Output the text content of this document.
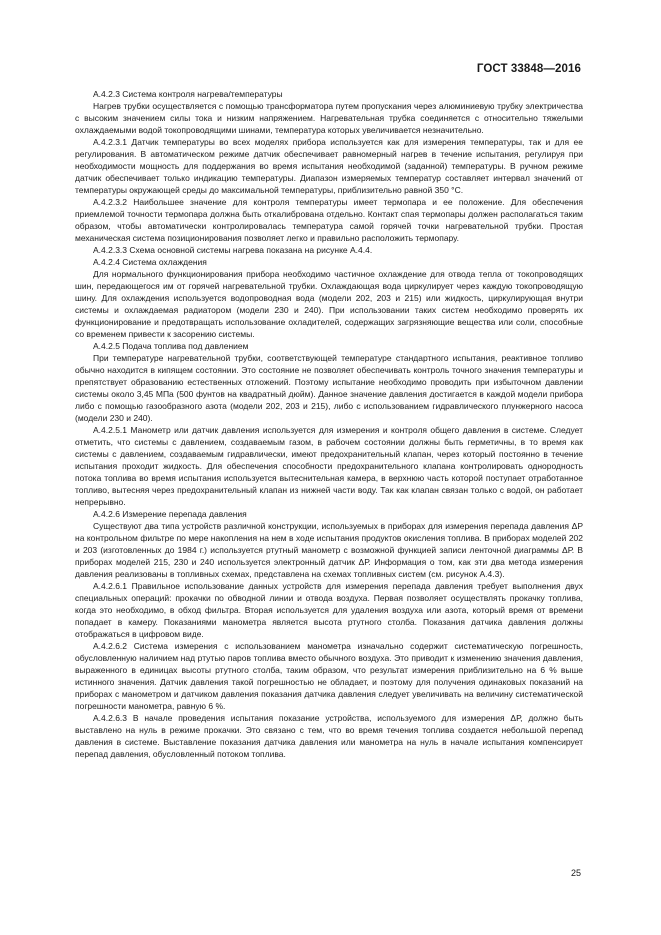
ГОСТ 33848—2016

А.4.2.3 Система контроля нагрева/температуры

Нагрев трубки осуществляется с помощью трансформатора путем пропускания через алюминиевую трубку электричества с высоким значением силы тока и низким напряжением. Нагревательная трубка соединяется с относительно тяжелыми охлаждаемыми водой токопроводящими шинами, температура которых увеличивается незначительно.

А.4.2.3.1 Датчик температуры во всех моделях прибора используется как для измерения температуры, так и для ее регулирования. В автоматическом режиме датчик обеспечивает равномерный нагрев в течение испытания, регулируя при необходимости мощность для поддержания во время испытания необходимой (заданной) температуры. В ручном режиме датчик обеспечивает только индикацию температуры. Диапазон измеряемых температур составляет интервал значений от температуры окружающей среды до максимальной температуры, приблизительно равной 350 °С.

А.4.2.3.2 Наибольшее значение для контроля температуры имеет термопара и ее положение. Для обеспечения приемлемой точности термопара должна быть откалибрована отдельно. Контакт спая термопары должен располагаться таким образом, чтобы автоматически контролировалась температура самой горячей точки нагревательной трубки. Простая механическая система позиционирования позволяет легко и правильно расположить термопару.

А.4.2.3.3 Схема основной системы нагрева показана на рисунке А.4.4.

А.4.2.4 Система охлаждения

Для нормального функционирования прибора необходимо частичное охлаждение для отвода тепла от токопроводящих шин, передающегося им от горячей нагревательной трубки. Охлаждающая вода циркулирует через каждую токопроводящую шину. Для охлаждения используется водопроводная вода (модели 202, 203 и 215) или жидкость, циркулирующая внутри системы и охлаждаемая радиатором (модели 230 и 240). При использовании таких систем необходимо проверять их функционирование и предотвращать использование охладителей, содержащих загрязняющие вещества или соли, способные со временем привести к засорению системы.

А.4.2.5 Подача топлива под давлением

При температуре нагревательной трубки, соответствующей температуре стандартного испытания, реактивное топливо обычно находится в кипящем состоянии. Это состояние не позволяет обеспечивать контроль точного значения температуры и препятствует образованию естественных отложений. Поэтому испытание необходимо проводить при избыточном давлении системы около 3,45 МПа (500 фунтов на квадратный дюйм). Данное значение давления достигается в каждой модели прибора либо с помощью газообразного азота (модели 202, 203 и 215), либо с использованием гидравлического плунжерного насоса (модели 230 и 240).

А.4.2.5.1 Манометр или датчик давления используется для измерения и контроля общего давления в системе. Следует отметить, что системы с давлением, создаваемым газом, в рабочем состоянии должны быть герметичны, в то время как системы с давлением, создаваемым гидравлически, имеют предохранительный клапан, через который постоянно в течение испытания проходит жидкость. Для обеспечения способности предохранительного клапана контролировать однородность потока топлива во время испытания используется вытеснительная камера, в верхнюю часть которой поступает отработанное топливо, вытесняя через предохранительный клапан из нижней части воду. Так как клапан связан только с водой, он работает непрерывно.

А.4.2.6 Измерение перепада давления

Существуют два типа устройств различной конструкции, используемых в приборах для измерения перепада давления ΔР на контрольном фильтре по мере накопления на нем в ходе испытания продуктов окисления топлива. В приборах моделей 202 и 203 (изготовленных до 1984 г.) используется ртутный манометр с возможной функцией записи ленточной диаграммы ΔР. В приборах моделей 215, 230 и 240 используется электронный датчик ΔР. Информация о том, как эти два метода измерения давления реализованы в топливных схемах, представлена на схемах топливных систем (см. рисунок А.4.3).

А.4.2.6.1 Правильное использование данных устройств для измерения перепада давления требует выполнения двух специальных операций: прокачки по обводной линии и отвода воздуха. Первая позволяет осуществлять прокачку топлива, когда это необходимо, в обход фильтра. Вторая используется для удаления воздуха или азота, который время от времени попадает в камеру. Показаниями манометра является высота ртутного столба. Показания датчика давления должны отображаться в цифровом виде.

А.4.2.6.2 Система измерения с использованием манометра изначально содержит систематическую погрешность, обусловленную наличием над ртутью паров топлива вместо обычного воздуха. Это приводит к изменению значения давления, выраженного в единицах высоты ртутного столба, таким образом, что результат измерения приблизительно на 6 % выше истинного значения. Датчик давления такой погрешностью не обладает, и поэтому для получения одинаковых показаний на приборах с манометром и датчиком давления показания датчика давления следует увеличивать на величину систематической погрешности манометра, равную 6 %.

А.4.2.6.3 В начале проведения испытания показание устройства, используемого для измерения ΔР, должно быть выставлено на нуль в режиме прокачки. Это связано с тем, что во время течения топлива создается небольшой перепад давления в системе. Выставление показания датчика давления или манометра на нуль в начале испытания компенсирует перепад давления, обусловленный потоком топлива.

25
